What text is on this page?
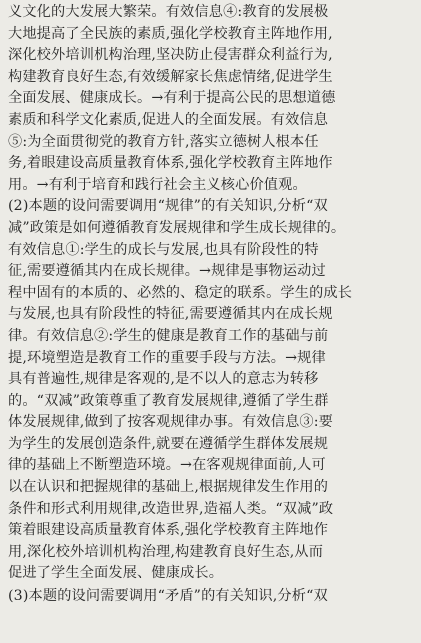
义文化的大发展大繁荣。有效信息④:教育的发展极
大地提高了全民族的素质,强化学校教育主阵地作用,
深化校外培训机构治理,坚决防止侵害群众利益行为,
构建教育良好生态,有效缓解家长焦虑情绪,促进学生
全面发展、健康成长。→有利于提高公民的思想道德
素质和科学文化素质,促进人的全面发展。有效信息
⑤:为全面贯彻党的教育方针,落实立德树人根本任
务,着眼建设高质量教育体系,强化学校教育主阵地作
用。→有利于培育和践行社会主义核心价值观。
(2)本题的设问需要调用“规律”的有关知识,分析“双
减”政策是如何遵循教育发展规律和学生成长规律的。
有效信息①:学生的成长与发展,也具有阶段性的特
征,需要遵循其内在成长规律。→规律是事物运动过
程中固有的本质的、必然的、稳定的联系。学生的成长
与发展,也具有阶段性的特征,需要遵循其内在成长规
律。有效信息②:学生的健康是教育工作的基础与前
提,环境塑造是教育工作的重要手段与方法。→规律
具有普遍性,规律是客观的,是不以人的意志为转移
的。“双减”政策尊重了教育发展规律,遵循了学生群
体发展规律,做到了按客观规律办事。有效信息③:要
为学生的发展创造条件,就要在遵循学生群体发展规
律的基础上不断塑造环境。→在客观规律面前,人可
以在认识和把握规律的基础上,根据规律发生作用的
条件和形式利用规律,改造世界,造福人类。“双减”政
策着眼建设高质量教育体系,强化学校教育主阵地作
用,深化校外培训机构治理,构建教育良好生态,从而
促进了学生全面发展、健康成长。
(3)本题的设问需要调用“矛盾”的有关知识,分析“双
